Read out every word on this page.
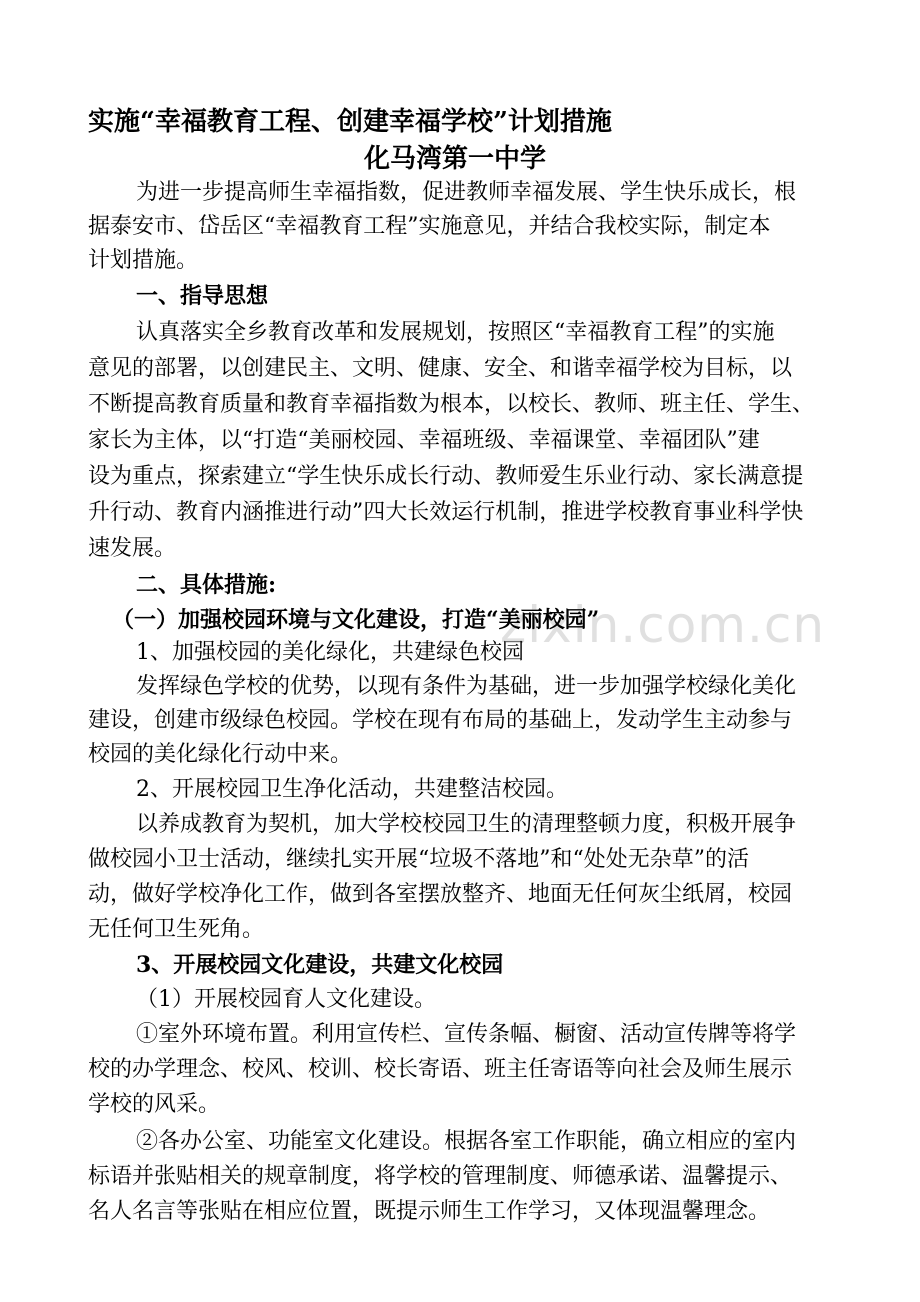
zixin.com.cn
实施“幸福教育工程、创建幸福学校”计划措施
化马湾第一中学
为进一步提高师生幸福指数，促进教师幸福发展、学生快乐成长，根
据泰安市、岱岳区“幸福教育工程”实施意见，并结合我校实际，制定本
计划措施。
一、指导思想
认真落实全乡教育改革和发展规划，按照区“幸福教育工程”的实施
意见的部署，以创建民主、文明、健康、安全、和谐幸福学校为目标，以
不断提高教育质量和教育幸福指数为根本，以校长、教师、班主任、学生、
家长为主体，以“打造“美丽校园、幸福班级、幸福课堂、幸福团队”建
设为重点，探索建立“学生快乐成长行动、教师爱生乐业行动、家长满意提
升行动、教育内涵推进行动”四大长效运行机制，推进学校教育事业科学快
速发展。
二、具体措施:
（一）加强校园环境与文化建设，打造“美丽校园”
1、加强校园的美化绿化，共建绿色校园
发挥绿色学校的优势，以现有条件为基础，进一步加强学校绿化美化
建设，创建市级绿色校园。学校在现有布局的基础上，发动学生主动参与
校园的美化绿化行动中来。
2、开展校园卫生净化活动，共建整洁校园。
以养成教育为契机，加大学校校园卫生的清理整顿力度，积极开展争
做校园小卫士活动，继续扎实开展“垃圾不落地”和“处处无杂草”的活
动，做好学校净化工作，做到各室摆放整齐、地面无任何灰尘纸屑，校园
无任何卫生死角。
3、开展校园文化建设，共建文化校园
（1）开展校园育人文化建设。
①室外环境布置。利用宣传栏、宣传条幅、橱窗、活动宣传牌等将学
校的办学理念、校风、校训、校长寄语、班主任寄语等向社会及师生展示
学校的风采。
②各办公室、功能室文化建设。根据各室工作职能，确立相应的室内
标语并张贴相关的规章制度，将学校的管理制度、师德承诺、温馨提示、
名人名言等张贴在相应位置，既提示师生工作学习，又体现温馨理念。
